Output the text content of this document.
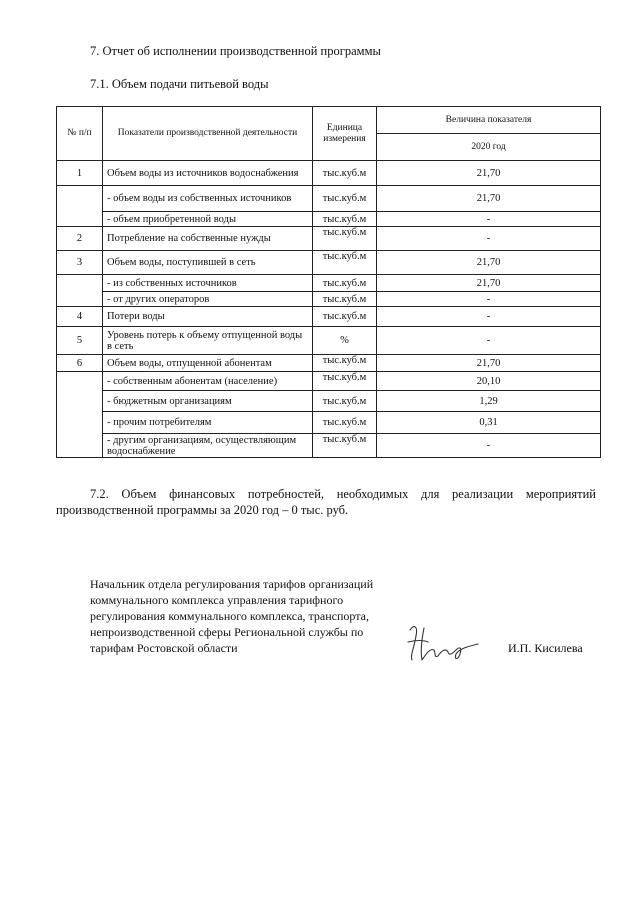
7. Отчет об исполнении производственной программы
7.1. Объем подачи питьевой воды
№ п/п	Показатели производственной деятельности	Единица измерения	Величина показателя
			2020 год
1	Объем воды из источников водоснабжения	тыс.куб.м	21,70
	- объем воды из собственных источников	тыс.куб.м	21,70
	- объем приобретенной воды	тыс.куб.м	-
2	Потребление на собственные нужды	тыс.куб.м	-
3	Объем воды, поступившей в сеть	тыс.куб.м	21,70
	- из собственных источников	тыс.куб.м	21,70
	- от других операторов	тыс.куб.м	-
4	Потери воды	тыс.куб.м	-
5	Уровень потерь к объему отпущенной воды в сеть	%	-
6	Объем воды, отпущенной абонентам	тыс.куб.м	21,70
	- собственным абонентам (население)	тыс.куб.м	20,10
	- бюджетным организациям	тыс.куб.м	1,29
	- прочим потребителям	тыс.куб.м	0,31
	- другим организациям, осуществляющим водоснабжение	тыс.куб.м	-

7.2. Объем финансовых потребностей, необходимых для реализации мероприятий производственной программы за 2020 год – 0 тыс. руб.

Начальник отдела регулирования тарифов организаций коммунального комплекса управления тарифного регулирования коммунального комплекса, транспорта, непроизводственной сферы Региональной службы по тарифам Ростовской области	И.П. Кисилева
